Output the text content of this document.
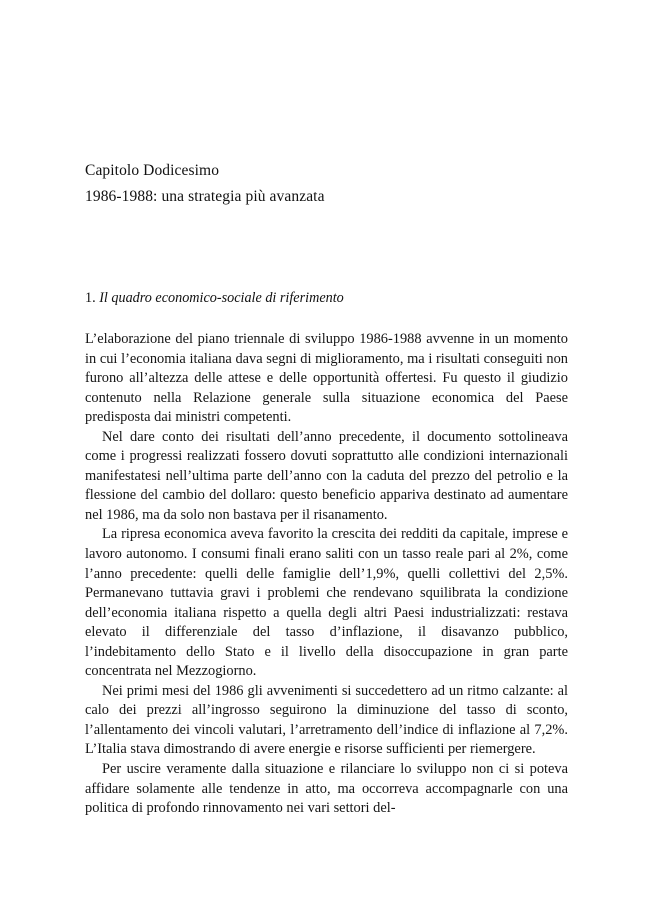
Capitolo Dodicesimo
1986-1988: una strategia più avanzata
1. Il quadro economico-sociale di riferimento

L’elaborazione del piano triennale di sviluppo 1986-1988 avvenne in un momento in cui l’economia italiana dava segni di miglioramento, ma i risultati conseguiti non furono all’altezza delle attese e delle opportunità offertesi. Fu questo il giudizio contenuto nella Relazione generale sulla situazione economica del Paese predisposta dai ministri competenti.

Nel dare conto dei risultati dell’anno precedente, il documento sottolineava come i progressi realizzati fossero dovuti soprattutto alle condizioni internazionali manifestatesi nell’ultima parte dell’anno con la caduta del prezzo del petrolio e la flessione del cambio del dollaro: questo beneficio appariva destinato ad aumentare nel 1986, ma da solo non bastava per il risanamento.

La ripresa economica aveva favorito la crescita dei redditi da capitale, imprese e lavoro autonomo. I consumi finali erano saliti con un tasso reale pari al 2%, come l’anno precedente: quelli delle famiglie dell’1,9%, quelli collettivi del 2,5%. Permanevano tuttavia gravi i problemi che rendevano squilibrata la condizione dell’economia italiana rispetto a quella degli altri Paesi industrializzati: restava elevato il differenziale del tasso d’inflazione, il disavanzo pubblico, l’indebitamento dello Stato e il livello della disoccupazione in gran parte concentrata nel Mezzogiorno.

Nei primi mesi del 1986 gli avvenimenti si succedettero ad un ritmo calzante: al calo dei prezzi all’ingrosso seguirono la diminuzione del tasso di sconto, l’allentamento dei vincoli valutari, l’arretramento dell’indice di inflazione al 7,2%. L’Italia stava dimostrando di avere energie e risorse sufficienti per riemergere.

Per uscire veramente dalla situazione e rilanciare lo sviluppo non ci si poteva affidare solamente alle tendenze in atto, ma occorreva accompagnarle con una politica di profondo rinnovamento nei vari settori del-
